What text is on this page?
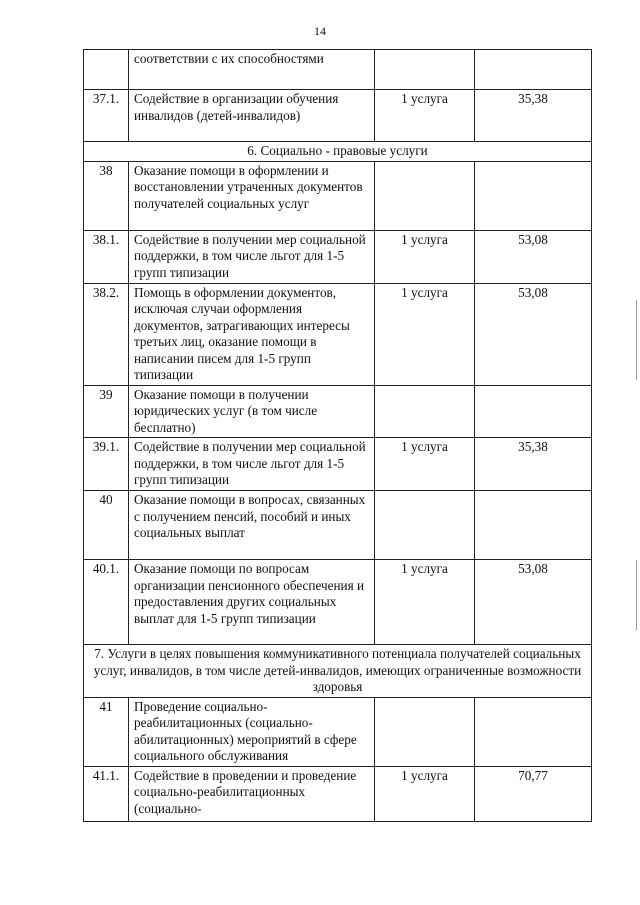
14
	соответствии с их способностями		
37.1.	Содействие в организации обучения инвалидов (детей-инвалидов)	1 услуга	35,38
6. Социально - правовые услуги			
38	Оказание помощи в оформлении и восстановлении утраченных документов получателей социальных услуг		
38.1.	Содействие в получении мер социальной поддержки, в том числе льгот для 1-5 групп типизации	1 услуга	53,08
38.2.	Помощь в оформлении документов, исключая случаи оформления документов, затрагивающих интересы третьих лиц, оказание помощи в написании писем для 1-5 групп типизации	1 услуга	53,08
39	Оказание помощи в получении юридических услуг (в том числе бесплатно)		
39.1.	Содействие в получении мер социальной поддержки, в том числе льгот для 1-5 групп типизации	1 услуга	35,38
40	Оказание помощи в вопросах, связанных с получением пенсий, пособий и иных социальных выплат		
40.1.	Оказание помощи по вопросам организации пенсионного обеспечения и предоставления других социальных выплат для 1-5 групп типизации	1 услуга	53,08
7. Услуги в целях повышения коммуникативного потенциала получателей социальных услуг, инвалидов, в том числе детей-инвалидов, имеющих ограниченные возможности здоровья			
41	Проведение социально-реабилитационных (социально-абилитационных) мероприятий в сфере социального обслуживания		
41.1.	Содействие в проведении и проведение социально-реабилитационных (социально-	1 услуга	70,77
